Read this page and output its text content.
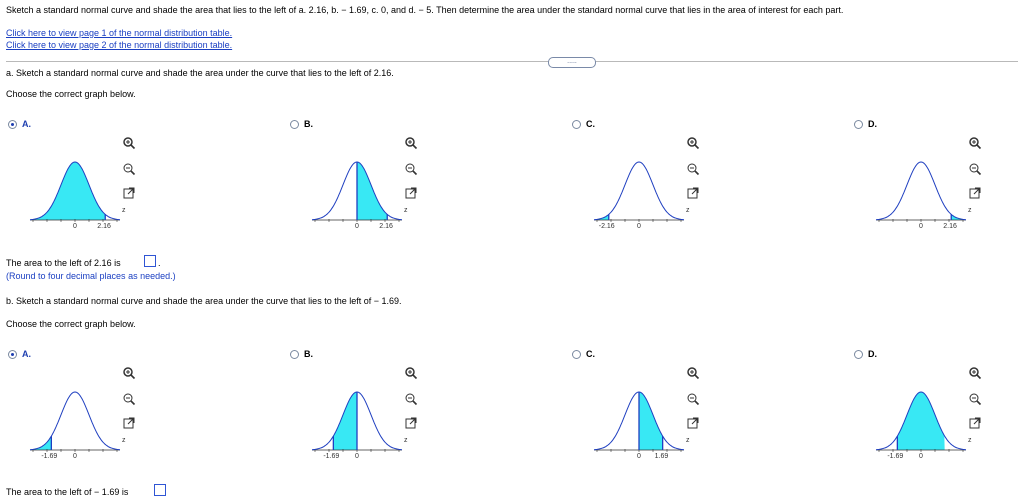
Sketch a standard normal curve and shade the area that lies to the left of a. 2.16, b. − 1.69, c. 0, and d. − 5. Then determine the area under the standard normal curve that lies in the area of interest for each part.
Click here to view page 1 of the normal distribution table.
Click here to view page 2 of the normal distribution table.
.....
a. Sketch a standard normal curve and shade the area under the curve that lies to the left of 2.16.
Choose the correct graph below.
A.
z
0	2.16
B.
z
0	2.16
C.
z
-2.16	0
D.
z
0	2.16
The area to the left of 2.16 is	.
(Round to four decimal places as needed.)
b. Sketch a standard normal curve and shade the area under the curve that lies to the left of − 1.69.
Choose the correct graph below.
A.
z
-1.69 0
B.
z
-1.69 0
C.
z
0 1.69
D.
z
-1.69 0
The area to the left of − 1.69 is
